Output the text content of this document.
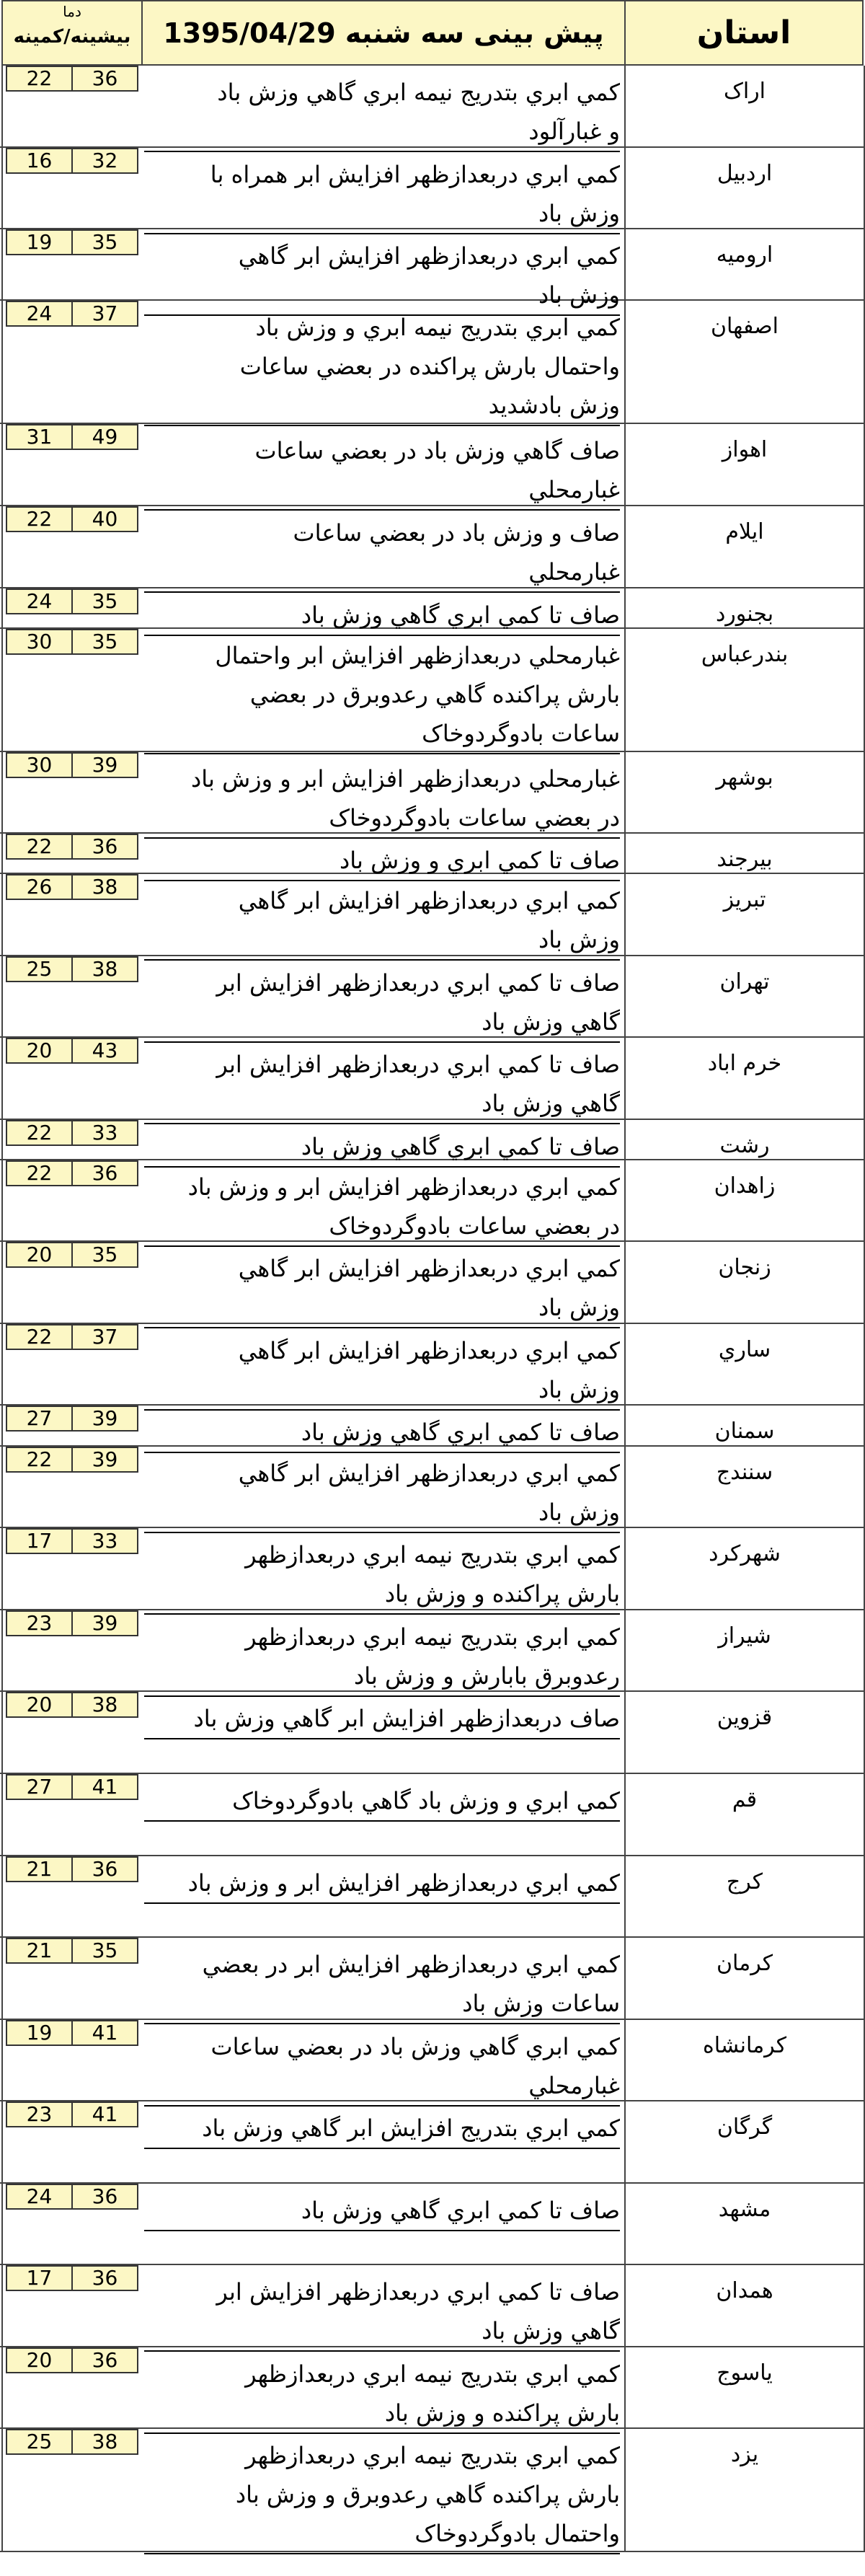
دما
بیشینه/کمینه	پیش بینی سه شنبه 1395/04/29	استان
اراک
كمي ابري بتدريج نيمه ابري گاهي وزش باد
و غبارآلود
22	36
اردبیل
كمي ابري دربعدازظهر افزايش ابر همراه با
وزش باد
16	32
ارومیه
كمي ابري دربعدازظهر افزايش ابر گاهي
وزش باد
19	35
اصفهان
كمي ابري بتدريج نيمه ابري و وزش باد
واحتمال بارش پراكنده در بعضي ساعات
وزش بادشديد
24	37
اهواز
صاف گاهي وزش باد در بعضي ساعات
غبارمحلي
31	49
ایلام
صاف و وزش باد در بعضي ساعات
غبارمحلي
22	40
بجنورد
صاف تا كمي ابري گاهي وزش باد
24	35
بندرعباس
غبارمحلي دربعدازظهر افزايش ابر واحتمال
بارش پراكنده گاهي رعدوبرق در بعضي
ساعات بادوگردوخاک
30	35
بوشهر
غبارمحلي دربعدازظهر افزايش ابر و وزش باد
در بعضي ساعات بادوگردوخاک
30	39
بیرجند
صاف تا كمي ابري و وزش باد
22	36
تبریز
كمي ابري دربعدازظهر افزايش ابر گاهي
وزش باد
26	38
تهران
صاف تا كمي ابري دربعدازظهر افزايش ابر
گاهي وزش باد
25	38
خرم اباد
صاف تا كمي ابري دربعدازظهر افزايش ابر
گاهي وزش باد
20	43
رشت
صاف تا كمي ابري گاهي وزش باد
22	33
زاهدان
كمي ابري دربعدازظهر افزايش ابر و وزش باد
در بعضي ساعات بادوگردوخاک
22	36
زنجان
كمي ابري دربعدازظهر افزايش ابر گاهي
وزش باد
20	35
ساري
كمي ابري دربعدازظهر افزايش ابر گاهي
وزش باد
22	37
سمنان
صاف تا كمي ابري گاهي وزش باد
27	39
سنندج
كمي ابري دربعدازظهر افزايش ابر گاهي
وزش باد
22	39
شهرکرد
كمي ابري بتدريج نيمه ابري دربعدازظهر
بارش پراكنده و وزش باد
17	33
شیراز
كمي ابري بتدريج نيمه ابري دربعدازظهر
رعدوبرق بابارش و وزش باد
23	39
قزوین
صاف دربعدازظهر افزايش ابر گاهي وزش باد
20	38
قم
كمي ابري و وزش باد گاهي بادوگردوخاک
27	41
کرج
كمي ابري دربعدازظهر افزايش ابر و وزش باد
21	36
کرمان
كمي ابري دربعدازظهر افزايش ابر در بعضي
ساعات وزش باد
21	35
کرمانشاه
كمي ابري گاهي وزش باد در بعضي ساعات
غبارمحلي
19	41
گرگان
كمي ابري بتدريج افزايش ابر گاهي وزش باد
23	41
مشهد
صاف تا كمي ابري گاهي وزش باد
24	36
همدان
صاف تا كمي ابري دربعدازظهر افزايش ابر
گاهي وزش باد
17	36
یاسوج
كمي ابري بتدريج نيمه ابري دربعدازظهر
بارش پراكنده و وزش باد
20	36
یزد
كمي ابري بتدريج نيمه ابري دربعدازظهر
بارش پراكنده گاهي رعدوبرق و وزش باد
واحتمال بادوگردوخاک
25	38
